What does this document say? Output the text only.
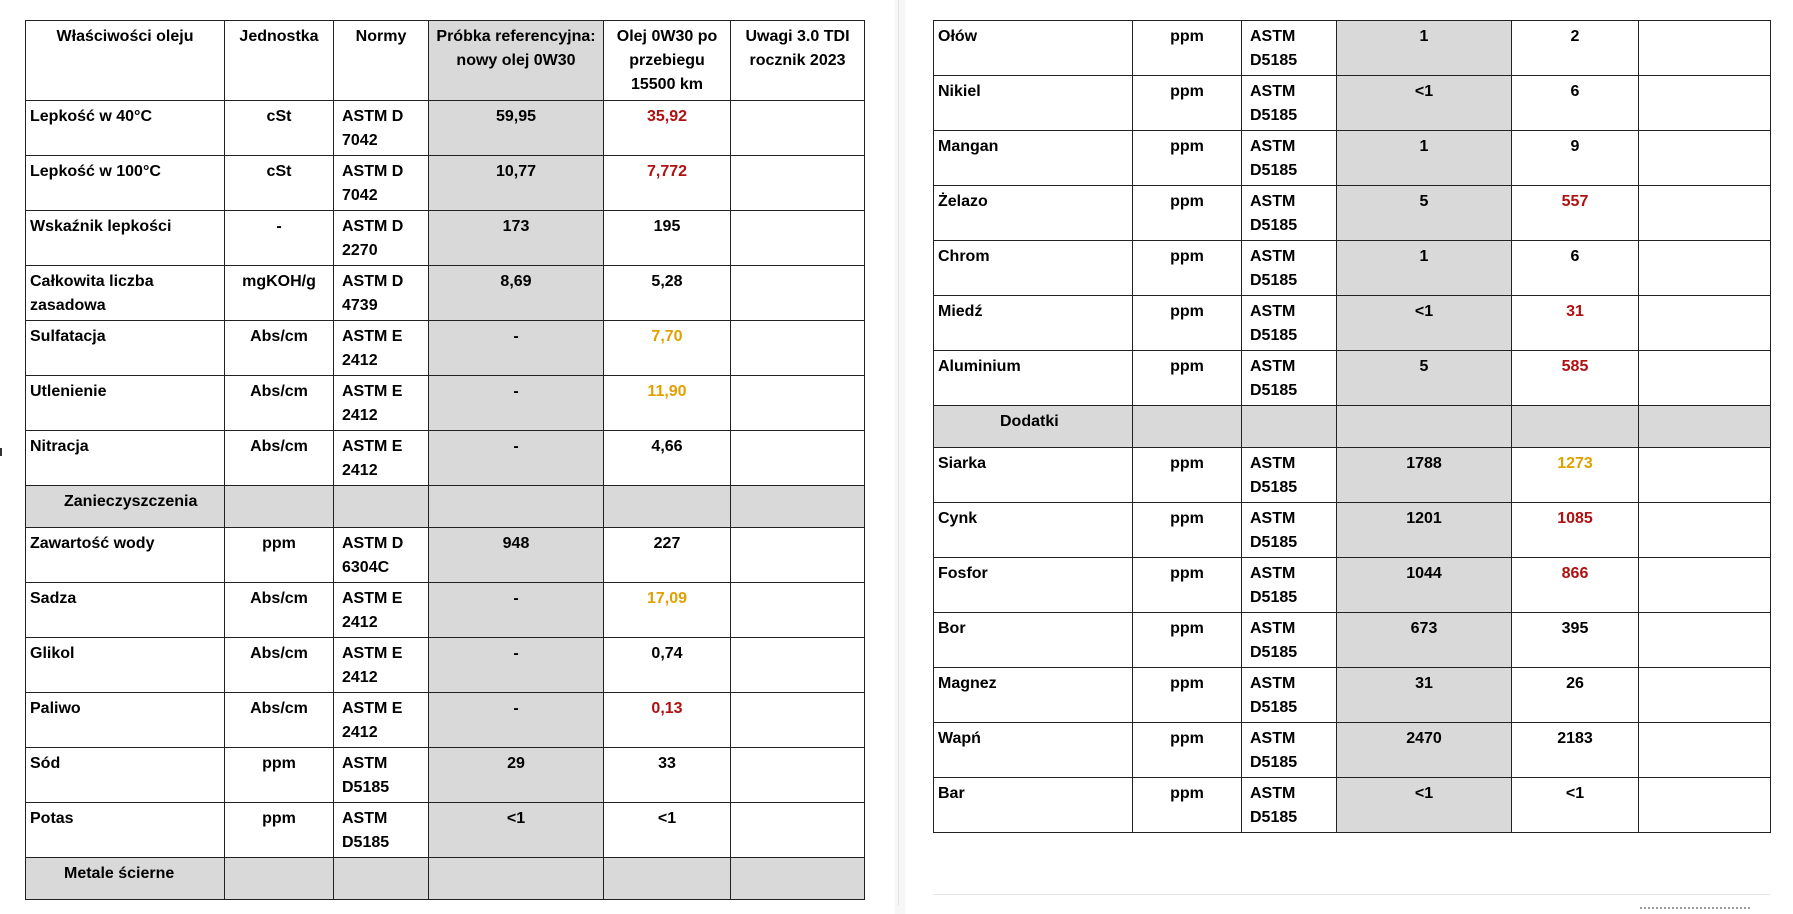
Właściwości oleju	Jednostka	Normy	Próbka referencyjna: nowy olej 0W30	Olej 0W30 po przebiegu 15500 km	Uwagi 3.0 TDI rocznik 2023
Lepkość w 40°C	cSt	ASTM D 7042	59,95	35,92	
Lepkość w 100°C	cSt	ASTM D 7042	10,77	7,772	
Wskaźnik lepkości	-	ASTM D 2270	173	195	
Całkowita liczba zasadowa	mgKOH/g	ASTM D 4739	8,69	5,28	
Sulfatacja	Abs/cm	ASTM E 2412	-	7,70	
Utlenienie	Abs/cm	ASTM E 2412	-	11,90	
Nitracja	Abs/cm	ASTM E 2412	-	4,66	
Zanieczyszczenia					
Zawartość wody	ppm	ASTM D 6304C	948	227	
Sadza	Abs/cm	ASTM E 2412	-	17,09	
Glikol	Abs/cm	ASTM E 2412	-	0,74	
Paliwo	Abs/cm	ASTM E 2412	-	0,13	
Sód	ppm	ASTM D5185	29	33	
Potas	ppm	ASTM D5185	<1	<1	
Metale ścierne					
Ołów	ppm	ASTM D5185	1	2	
Nikiel	ppm	ASTM D5185	<1	6	
Mangan	ppm	ASTM D5185	1	9	
Żelazo	ppm	ASTM D5185	5	557	
Chrom	ppm	ASTM D5185	1	6	
Miedź	ppm	ASTM D5185	<1	31	
Aluminium	ppm	ASTM D5185	5	585	
Dodatki					
Siarka	ppm	ASTM D5185	1788	1273	
Cynk	ppm	ASTM D5185	1201	1085	
Fosfor	ppm	ASTM D5185	1044	866	
Bor	ppm	ASTM D5185	673	395	
Magnez	ppm	ASTM D5185	31	26	
Wapń	ppm	ASTM D5185	2470	2183	
Bar	ppm	ASTM D5185	<1	<1	
